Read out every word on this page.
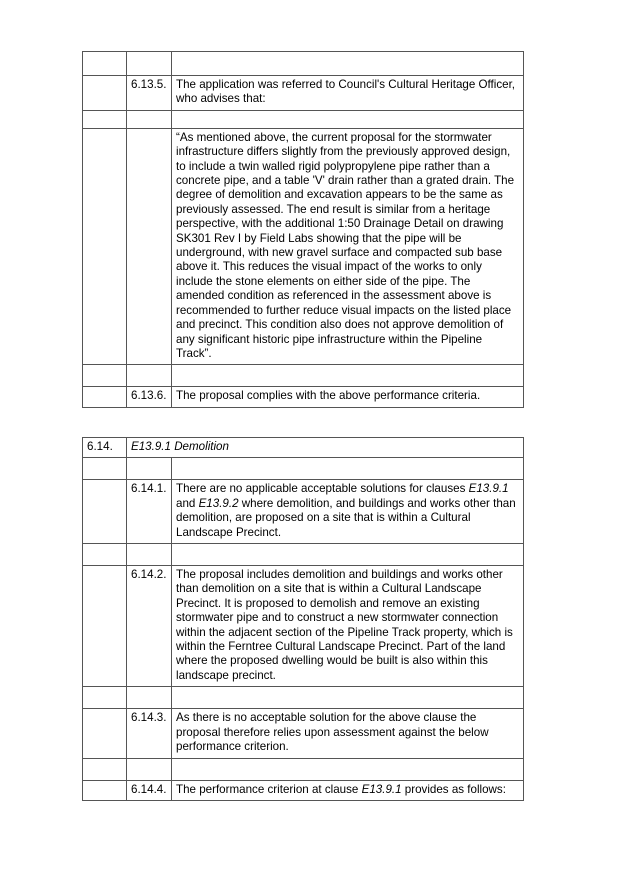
	6.13.5.	The application was referred to Council's Cultural Heritage Officer, who advises that:

		“As mentioned above, the current proposal for the stormwater infrastructure differs slightly from the previously approved design, to include a twin walled rigid polypropylene pipe rather than a concrete pipe, and a table 'V' drain rather than a grated drain. The degree of demolition and excavation appears to be the same as previously assessed. The end result is similar from a heritage perspective, with the additional 1:50 Drainage Detail on drawing SK301 Rev I by Field Labs showing that the pipe will be underground, with new gravel surface and compacted sub base above it. This reduces the visual impact of the works to only include the stone elements on either side of the pipe. The amended condition as referenced in the assessment above is recommended to further reduce visual impacts on the listed place and precinct. This condition also does not approve demolition of any significant historic pipe infrastructure within the Pipeline Track”.

	6.13.6.	The proposal complies with the above performance criteria.
6.14.	E13.9.1 Demolition	

	6.14.1.	There are no applicable acceptable solutions for clauses E13.9.1 and E13.9.2 where demolition, and buildings and works other than demolition, are proposed on a site that is within a Cultural Landscape Precinct.

	6.14.2.	The proposal includes demolition and buildings and works other than demolition on a site that is within a Cultural Landscape Precinct. It is proposed to demolish and remove an existing stormwater pipe and to construct a new stormwater connection within the adjacent section of the Pipeline Track property, which is within the Ferntree Cultural Landscape Precinct. Part of the land where the proposed dwelling would be built is also within this landscape precinct.

	6.14.3.	As there is no acceptable solution for the above clause the proposal therefore relies upon assessment against the below performance criterion.

	6.14.4.	The performance criterion at clause E13.9.1 provides as follows:
